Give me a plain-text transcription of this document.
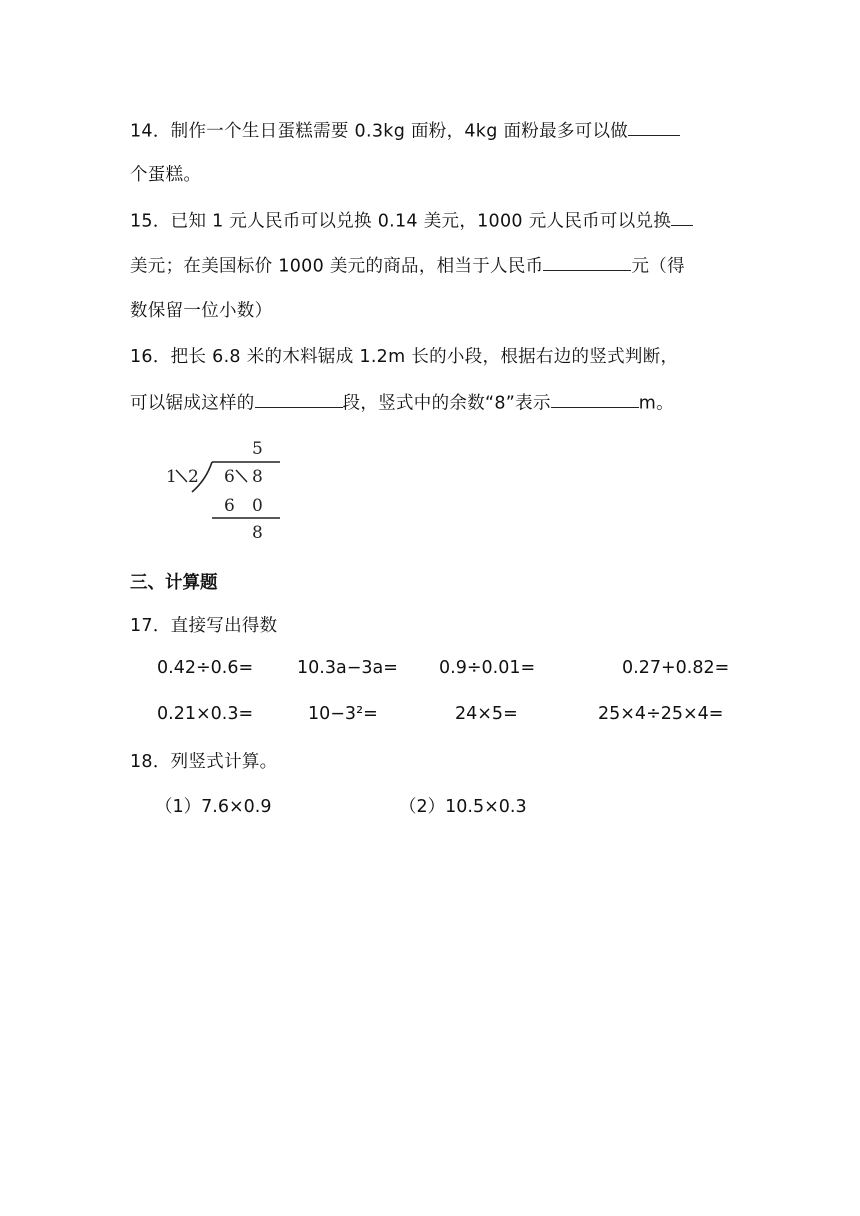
14．制作一个生日蛋糕需要 0.3kg 面粉，4kg 面粉最多可以做
个蛋糕。
15．已知 1 元人民币可以兑换 0.14 美元，1000 元人民币可以兑换
美元；在美国标价 1000 美元的商品，相当于人民币	元（得
数保留一位小数）
16．把长 6.8 米的木料锯成 1.2m 长的小段，根据右边的竖式判断，
可以锯成这样的	段，竖式中的余数“8”表示	m。
5
1 2 6 8
6 0
8
三、计算题
17．直接写出得数
0.42÷0.6=	10.3a−3a= 0.9÷0.01=	0.27+0.82=
0.21×0.3=	10−3²=	24×5=	25×4÷25×4=
18．列竖式计算。
（1）7.6×0.9	（2）10.5×0.3
